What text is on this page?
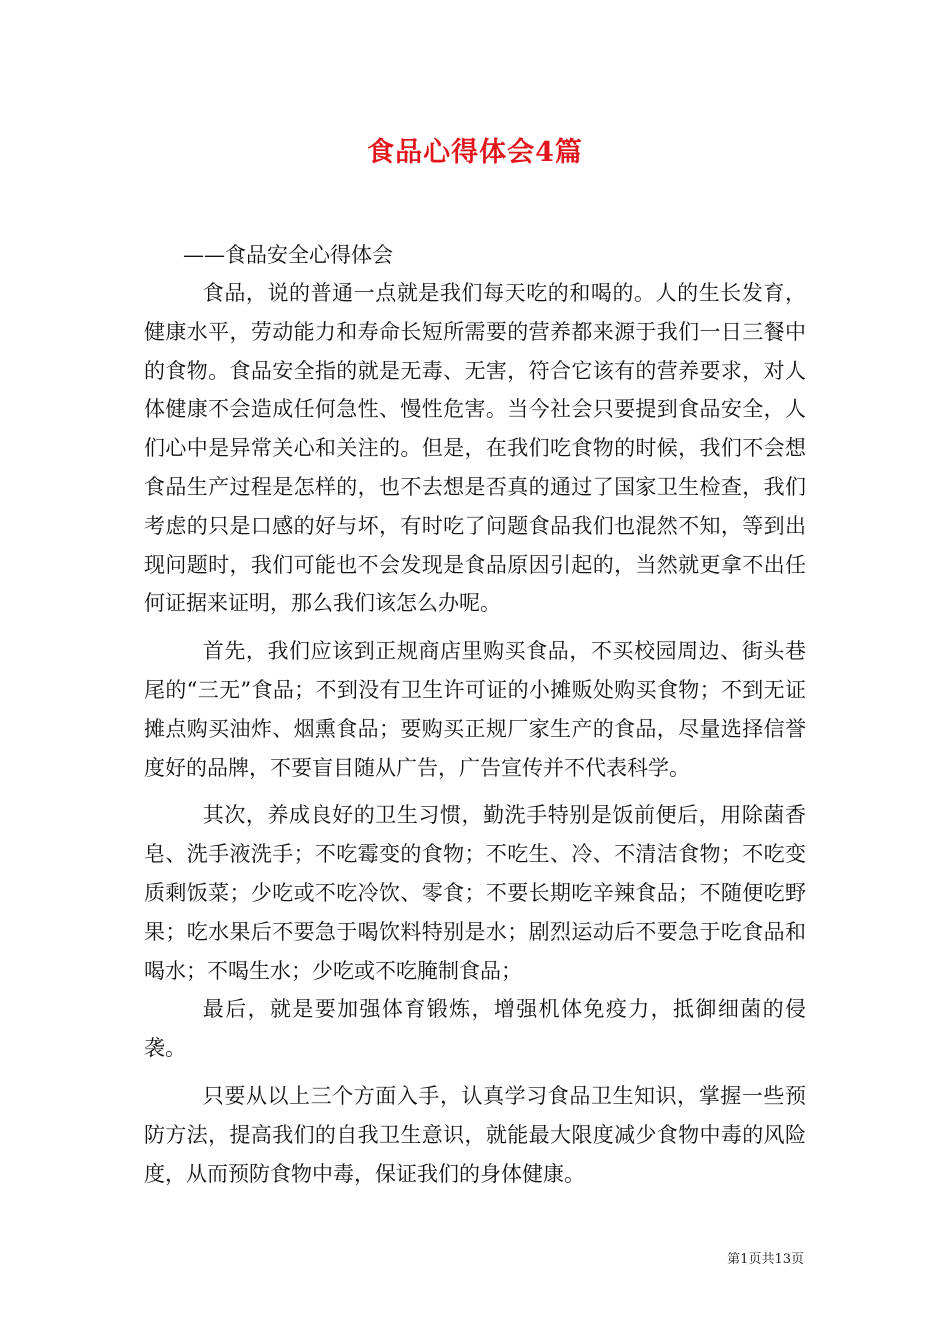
食品心得体会4篇
——食品安全心得体会

食品，说的普通一点就是我们每天吃的和喝的。人的生长发育，健康水平，劳动能力和寿命长短所需要的营养都来源于我们一日三餐中的食物。食品安全指的就是无毒、无害，符合它该有的营养要求，对人体健康不会造成任何急性、慢性危害。当今社会只要提到食品安全，人们心中是异常关心和关注的。但是，在我们吃食物的时候，我们不会想食品生产过程是怎样的，也不去想是否真的通过了国家卫生检查，我们考虑的只是口感的好与坏，有时吃了问题食品我们也混然不知，等到出现问题时，我们可能也不会发现是食品原因引起的，当然就更拿不出任何证据来证明，那么我们该怎么办呢。

首先，我们应该到正规商店里购买食品，不买校园周边、街头巷尾的“三无”食品；不到没有卫生许可证的小摊贩处购买食物；不到无证摊点购买油炸、烟熏食品；要购买正规厂家生产的食品，尽量选择信誉度好的品牌，不要盲目随从广告，广告宣传并不代表科学。

其次，养成良好的卫生习惯，勤洗手特别是饭前便后，用除菌香皂、洗手液洗手；不吃霉变的食物；不吃生、冷、不清洁食物；不吃变质剩饭菜；少吃或不吃冷饮、零食；不要长期吃辛辣食品；不随便吃野果；吃水果后不要急于喝饮料特别是水；剧烈运动后不要急于吃食品和喝水；不喝生水；少吃或不吃腌制食品；

最后，就是要加强体育锻炼，增强机体免疫力，抵御细菌的侵袭。

只要从以上三个方面入手，认真学习食品卫生知识，掌握一些预防方法，提高我们的自我卫生意识，就能最大限度减少食物中毒的风险度，从而预防食物中毒，保证我们的身体健康。

第1页共13页
